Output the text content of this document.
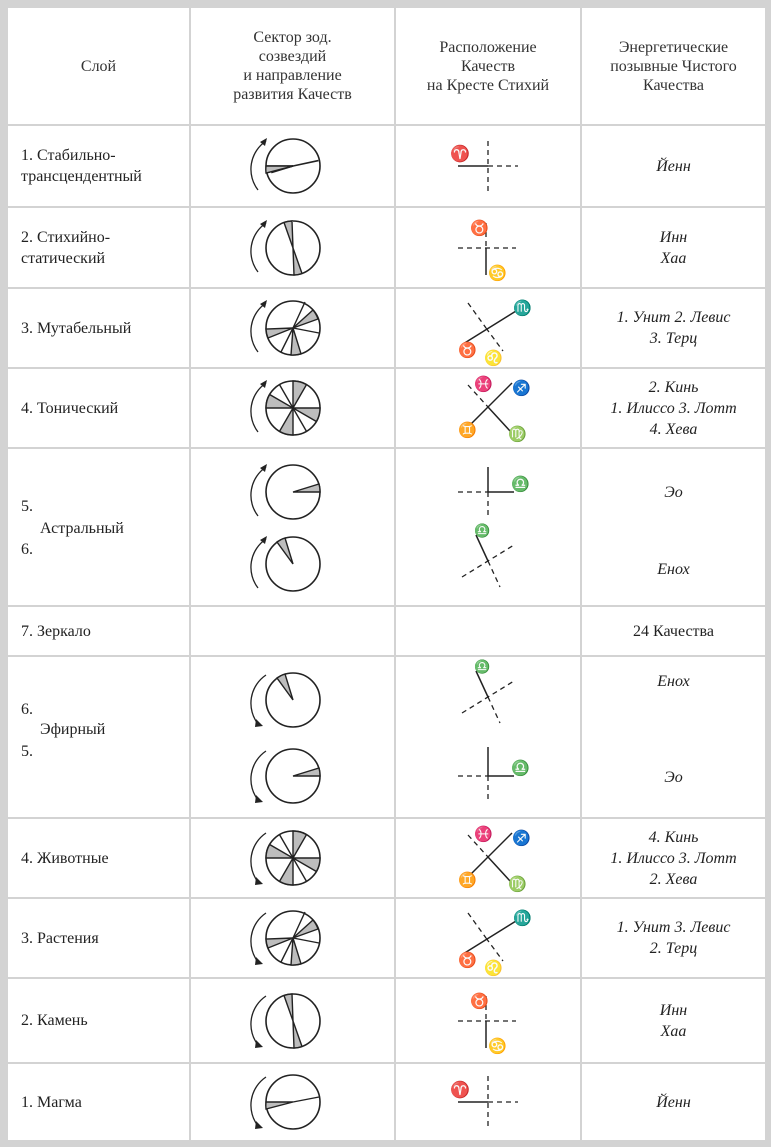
Слой	Сектор зод.
созвездий
и направление
развития Качеств	Расположение
Качеств
на Кресте Стихий	Энергетические
позывные Чистого
Качества

1. Стабильно-
трансцендентный		♈	Йенн

2. Стихийно-
статический		♉
♋	Инн
Хаа

3. Мутабельный		♉
♏
♌	1. Унит 2. Левис
3. Терц

4. Тонический		♓ ♐
♊ ♍	2. Кинь
1. Илиссо 3. Лотт
4. Хева

5.
Астральный
6.		♎
♎	Эо
Енох

7. Зеркало			24 Качества

6.
Эфирный
5.		♎
♎	Енох
Эо

4. Животные		♓ ♐
♊ ♍	4. Кинь
1. Илиссо 3. Лотт
2. Хева

3. Растения		♉
♏
♌	1. Унит 3. Левис
2. Терц

2. Камень		♉
♋	Инн
Хаа

1. Магма		♈	Йенн
